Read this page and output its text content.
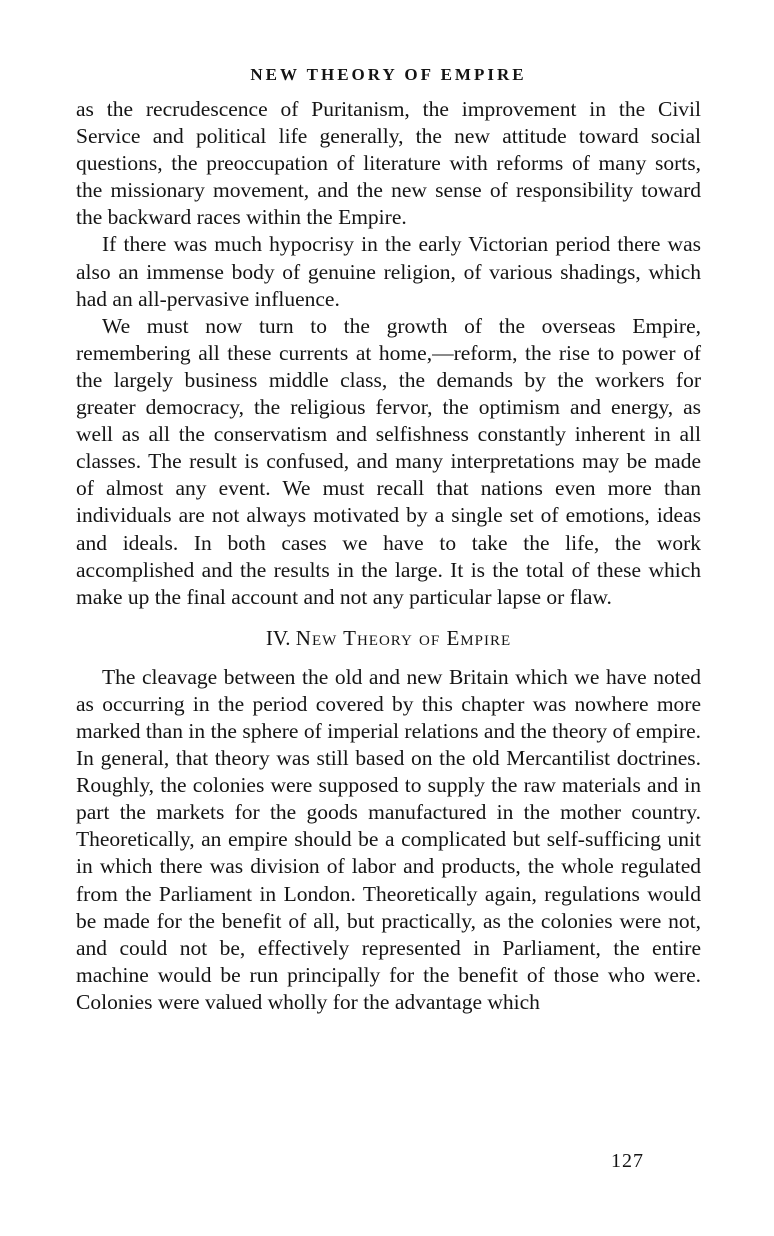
NEW THEORY OF EMPIRE

as the recrudescence of Puritanism, the improvement in the Civil Service and political life generally, the new attitude toward social questions, the preoccupation of literature with reforms of many sorts, the missionary movement, and the new sense of responsibility toward the backward races within the Empire.

If there was much hypocrisy in the early Victorian period there was also an immense body of genuine religion, of various shadings, which had an all-pervasive influence.

We must now turn to the growth of the overseas Empire, remembering all these currents at home,—reform, the rise to power of the largely business middle class, the demands by the workers for greater democracy, the religious fervor, the optimism and energy, as well as all the conservatism and selfishness constantly inherent in all classes. The result is confused, and many interpretations may be made of almost any event. We must recall that nations even more than individuals are not always motivated by a single set of emotions, ideas and ideals. In both cases we have to take the life, the work accomplished and the results in the large. It is the total of these which make up the final account and not any particular lapse or flaw.

IV. New Theory of Empire

The cleavage between the old and new Britain which we have noted as occurring in the period covered by this chapter was nowhere more marked than in the sphere of imperial relations and the theory of empire. In general, that theory was still based on the old Mercantilist doctrines. Roughly, the colonies were supposed to supply the raw materials and in part the markets for the goods manufactured in the mother country. Theoretically, an empire should be a complicated but self-sufficing unit in which there was division of labor and products, the whole regulated from the Parliament in London. Theoretically again, regulations would be made for the benefit of all, but practically, as the colonies were not, and could not be, effectively represented in Parliament, the entire machine would be run principally for the benefit of those who were. Colonies were valued wholly for the advantage which

127
